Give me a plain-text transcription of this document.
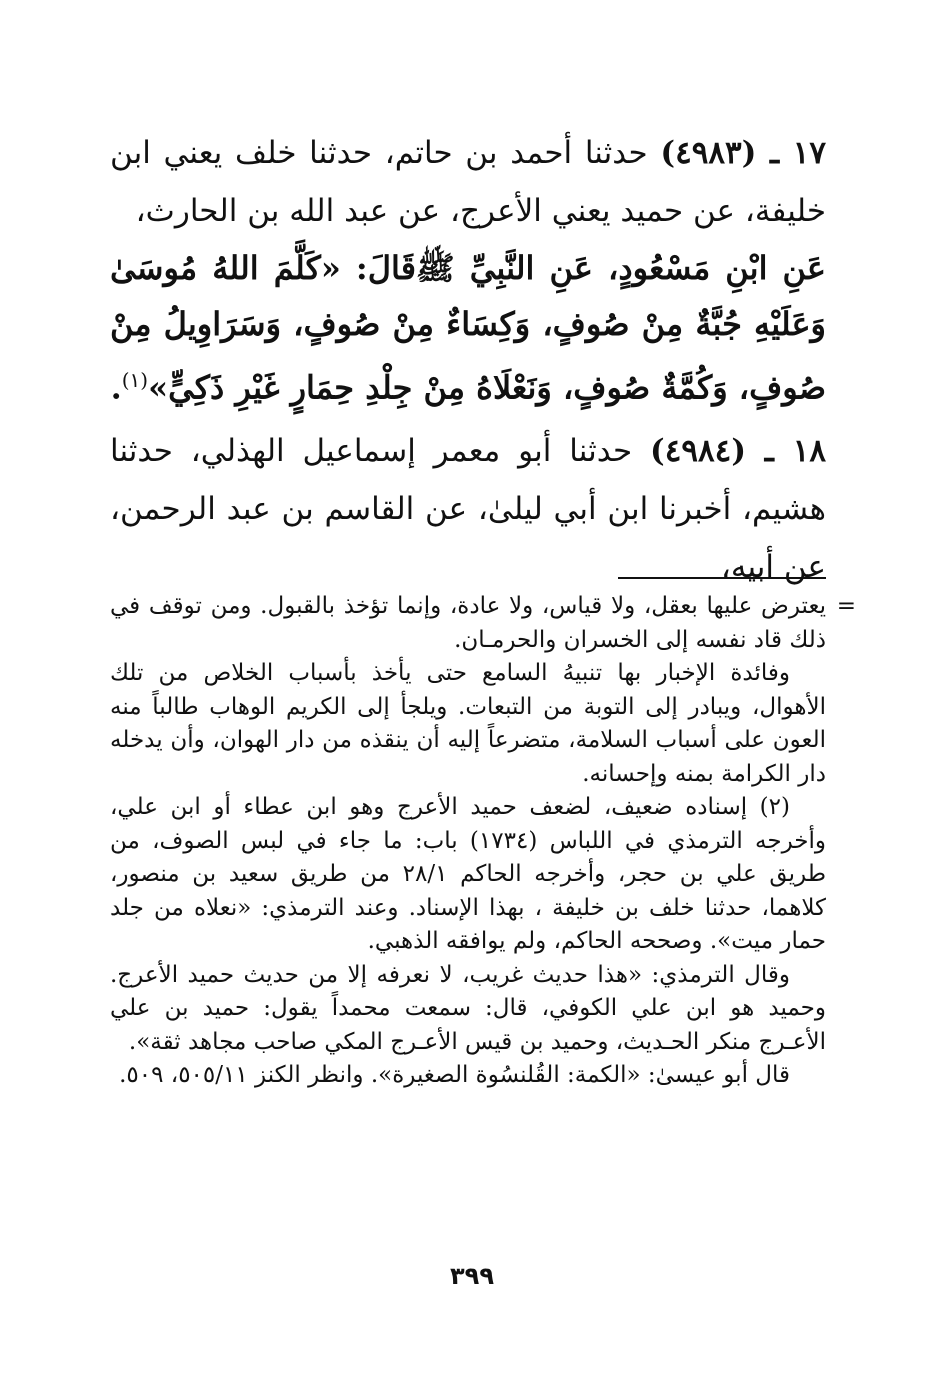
١٧ ـ (٤٩٨٣) حدثنا أحمد بن حاتم، حدثنا خلف يعني ابن خليفة، عن حميد يعني الأعرج، عن عبد الله بن الحارث،

عَنِ ابْنِ مَسْعُودٍ، عَنِ النَّبِيِّ ﷺقَالَ: «كَلَّمَ اللهُ مُوسَىٰ وَعَلَيْهِ جُبَّةٌ مِنْ صُوفٍ، وَكِسَاءٌ مِنْ صُوفٍ، وَسَرَاوِيلُ مِنْ صُوفٍ، وَكُمَّةٌ صُوفٍ، وَنَعْلَاهُ مِنْ جِلْدِ حِمَارٍ غَيْرِ ذَكِيٍّ»$^{(١)}$.

١٨ ـ (٤٩٨٤) حدثنا أبو معمر إسماعيل الهذلي، حدثنا هشيم، أخبرنا ابن أبي ليلىٰ، عن القاسم بن عبد الرحمن، عن أبيه،

=
يعترض عليها بعقل، ولا قياس، ولا عادة، وإنما تؤخذ بالقبول. ومن توقف في ذلك قاد نفسه إلى الخسران والحرمـان.

وفائدة الإخبار بها تنبيهُ السامع حتى يأخذ بأسباب الخلاص من تلك الأهوال، ويبادر إلى التوبة من التبعات. ويلجأ إلى الكريم الوهاب طالباً منه العون على أسباب السلامة، متضرعاً إليه أن ينقذه من دار الهوان، وأن يدخله دار الكرامة بمنه وإحسانه.

(٢) إسناده ضعيف، لضعف حميد الأعرج وهو ابن عطاء أو ابن علي، وأخرجه الترمذي في اللباس (١٧٣٤) باب: ما جاء في لبس الصوف، من طريق علي بن حجر، وأخرجه الحاكم ٢٨/١ من طريق سعيد بن منصور، كلاهما، حدثنا خلف بن خليفة ، بهذا الإسناد. وعند الترمذي: «نعلاه من جلد حمار ميت». وصححه الحاكم، ولم يوافقه الذهبي.

وقال الترمذي: «هذا حديث غريب، لا نعرفه إلا من حديث حميد الأعرج. وحميد هو ابن علي الكوفي، قال: سمعت محمداً يقول: حميد بن علي الأعـرج منكر الحـديث، وحميد بن قيس الأعـرج المكي صاحب مجاهد ثقة».

قال أبو عيسىٰ: «الكمة: القُلنسُوة الصغيرة». وانظر الكنز ٥٠٥/١١، ٥٠٩.

٣٩٩
